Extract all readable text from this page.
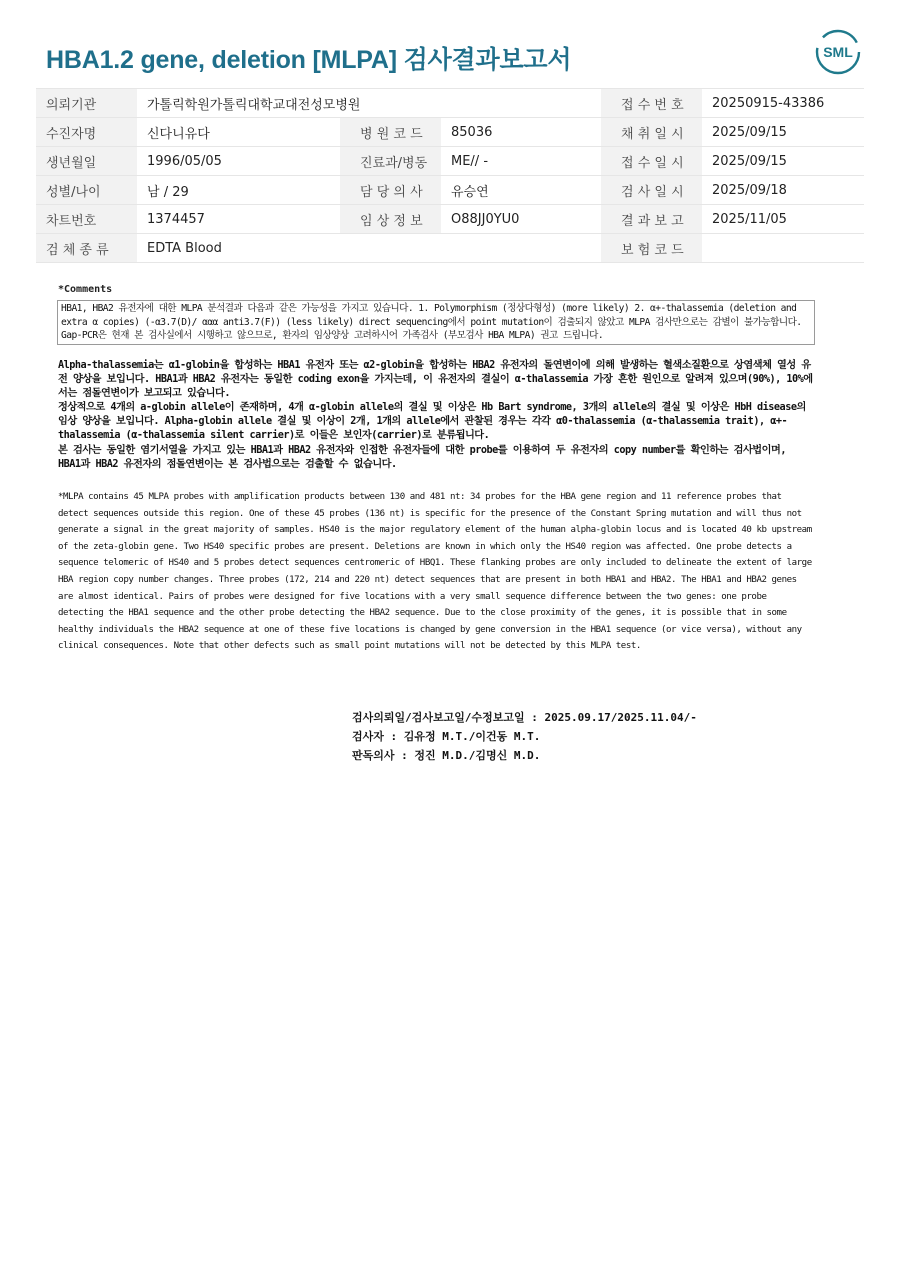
HBA1.2 gene, deletion [MLPA] 검사결과보고서	SML
의뢰기관	가톨릭학원가톨릭대학교대전성모병원			접 수 번 호	20250915-43386
수진자명	신다니유다	병 원 코 드	85036	채 취 일 시	2025/09/15
생년월일	1996/05/05	진료과/병동	ME// -	접 수 일 시	2025/09/15
성별/나이	남 / 29	담 당 의 사	유승연	검 사 일 시	2025/09/18
차트번호	1374457	임 상 정 보	O88JJ0YU0	결 과 보 고	2025/11/05
검 체 종 류	EDTA Blood			보 험 코 드	
*Comments
HBA1, HBA2 유전자에 대한 MLPA 분석결과 다음과 같은 가능성을 가지고 있습니다. 1. Polymorphism (정상다형성) (more likely) 2. α+-thalassemia (deletion and extra α copies) (-α3.7(D)/ ααα anti3.7(F)) (less likely) direct sequencing에서 point mutation이 검출되지 않았고 MLPA 검사만으로는 감별이 불가능합니다. Gap-PCR은 현재 본 검사실에서 시행하고 않으므로, 환자의 임상양상 고려하시어 가족검사 (부모검사 HBA MLPA) 권고 드립니다.

Alpha-thalassemia는 α1-globin을 합성하는 HBA1 유전자 또는 α2-globin을 합성하는 HBA2 유전자의 돌연변이에 의해 발생하는 혈색소질환으로 상염색체 열성 유전 양상을 보입니다. HBA1과 HBA2 유전자는 동일한 coding exon을 가지는데, 이 유전자의 결실이 α-thalassemia 가장 흔한 원인으로 알려져 있으며(90%), 10%에서는 점돌연변이가 보고되고 있습니다.

정상적으로 4개의 a-globin allele이 존재하며, 4개 α-globin allele의 결실 및 이상은 Hb Bart syndrome, 3개의 allele의 결실 및 이상은 HbH disease의 임상 양상을 보입니다. Alpha-globin allele 결실 및 이상이 2개, 1개의 allele에서 관찰된 경우는 각각 α0-thalassemia (α-thalassemia trait), α+-thalassemia (α-thalassemia silent carrier)로 이들은 보인자(carrier)로 분류됩니다.

본 검사는 동일한 염기서열을 가지고 있는 HBA1과 HBA2 유전자와 인접한 유전자들에 대한 probe를 이용하여 두 유전자의 copy number를 확인하는 검사법이며, HBA1과 HBA2 유전자의 점돌연변이는 본 검사법으로는 검출할 수 없습니다.

*MLPA contains 45 MLPA probes with amplification products between 130 and 481 nt: 34 probes for the HBA gene region and 11 reference probes that detect sequences outside this region. One of these 45 probes (136 nt) is specific for the presence of the Constant Spring mutation and will thus not generate a signal in the great majority of samples. HS40 is the major regulatory element of the human alpha-globin locus and is located 40 kb upstream of the zeta-globin gene. Two HS40 specific probes are present. Deletions are known in which only the HS40 region was affected. One probe detects a sequence telomeric of HS40 and 5 probes detect sequences centromeric of HBQ1. These flanking probes are only included to delineate the extent of large HBA region copy number changes. Three probes (172, 214 and 220 nt) detect sequences that are present in both HBA1 and HBA2. The HBA1 and HBA2 genes are almost identical. Pairs of probes were designed for five locations with a very small sequence difference between the two genes: one probe detecting the HBA1 sequence and the other probe detecting the HBA2 sequence. Due to the close proximity of the genes, it is possible that in some healthy individuals the HBA2 sequence at one of these five locations is changed by gene conversion in the HBA1 sequence (or vice versa), without any clinical consequences. Note that other defects such as small point mutations will not be detected by this MLPA test.
검사의뢰일/검사보고일/수정보고일 : 2025.09.17/2025.11.04/-
검사자 : 김유정 M.T./이건동 M.T.
판독의사 : 정진 M.D./김명신 M.D.
